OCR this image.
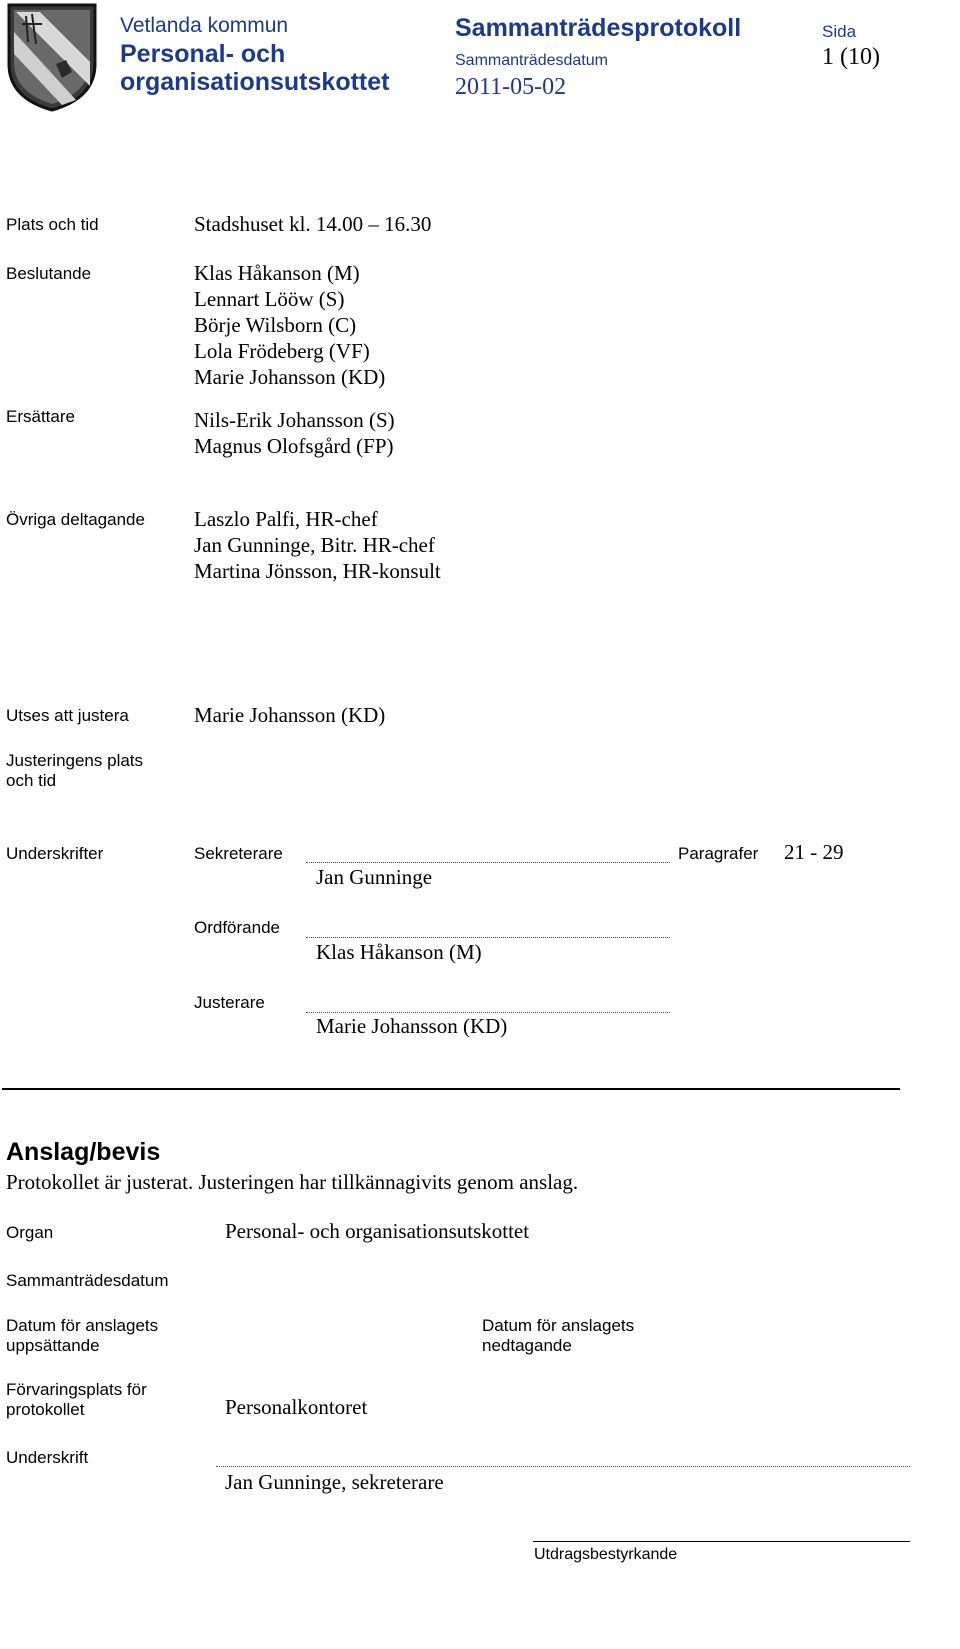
Vetlanda kommun
Personal- och
organisationsutskottet
Sammanträdesprotokoll
Sammanträdesdatum
2011-05-02
Sida
1 (10)
Plats och tid	Stadshuset kl. 14.00 – 16.30
Beslutande	Klas Håkanson (M)
Lennart Lööw (S)
Börje Wilsborn (C)
Lola Frödeberg (VF)
Marie Johansson (KD)
Ersättare	Nils-Erik Johansson (S)
Magnus Olofsgård (FP)
Övriga deltagande Laszlo Palfi, HR-chef
Jan Gunninge, Bitr. HR-chef
Martina Jönsson, HR-konsult
Utses att justera	Marie Johansson (KD)
Justeringens plats
och tid
Underskrifter	Sekreterare
Jan Gunninge
Paragrafer 21 - 29
Ordförande
Klas Håkanson (M)
Justerare
Marie Johansson (KD)
Anslag/bevis
Protokollet är justerat. Justeringen har tillkännagivits genom anslag.
Organ	Personal- och organisationsutskottet
Sammanträdesdatum
Datum för anslagets
uppsättande
Datum för anslagets
nedtagande
Förvaringsplats för
protokollet	Personalkontoret
Underskrift
Jan Gunninge, sekreterare
Utdragsbestyrkande
